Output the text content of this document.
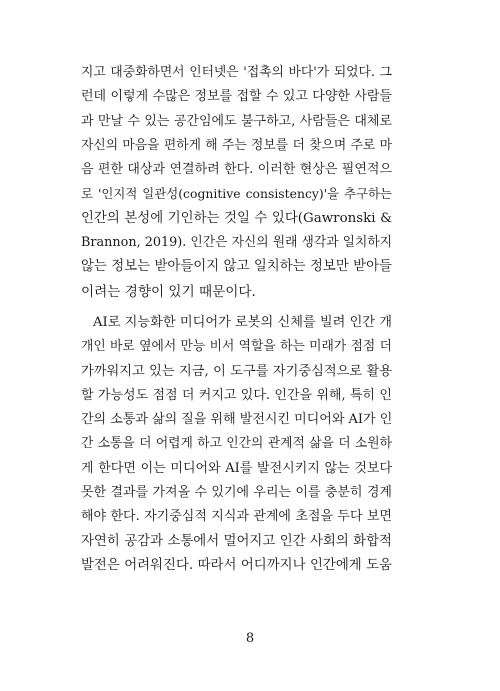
지고 대중화하면서 인터넷은 '접촉의 바다'가 되었다. 그
런데 이렇게 수많은 정보를 접할 수 있고 다양한 사람들
과 만날 수 있는 공간임에도 불구하고, 사람들은 대체로
자신의 마음을 편하게 해 주는 정보를 더 찾으며 주로 마
음 편한 대상과 연결하려 한다. 이러한 현상은 필연적으
로 '인지적 일관성(cognitive consistency)'을 추구하는
인간의 본성에 기인하는 것일 수 있다(Gawronski &
Brannon, 2019). 인간은 자신의 원래 생각과 일치하지
않는 정보는 받아들이지 않고 일치하는 정보만 받아들
이려는 경향이 있기 때문이다.
AI로 지능화한 미디어가 로봇의 신체를 빌려 인간 개
개인 바로 옆에서 만능 비서 역할을 하는 미래가 점점 더
가까워지고 있는 지금, 이 도구를 자기중심적으로 활용
할 가능성도 점점 더 커지고 있다. 인간을 위해, 특히 인
간의 소통과 삶의 질을 위해 발전시킨 미디어와 AI가 인
간 소통을 더 어렵게 하고 인간의 관계적 삶을 더 소원하
게 한다면 이는 미디어와 AI를 발전시키지 않는 것보다
못한 결과를 가져올 수 있기에 우리는 이를 충분히 경계
해야 한다. 자기중심적 지식과 관계에 초점을 두다 보면
자연히 공감과 소통에서 멀어지고 인간 사회의 화합적
발전은 어려워진다. 따라서 어디까지나 인간에게 도움
8
